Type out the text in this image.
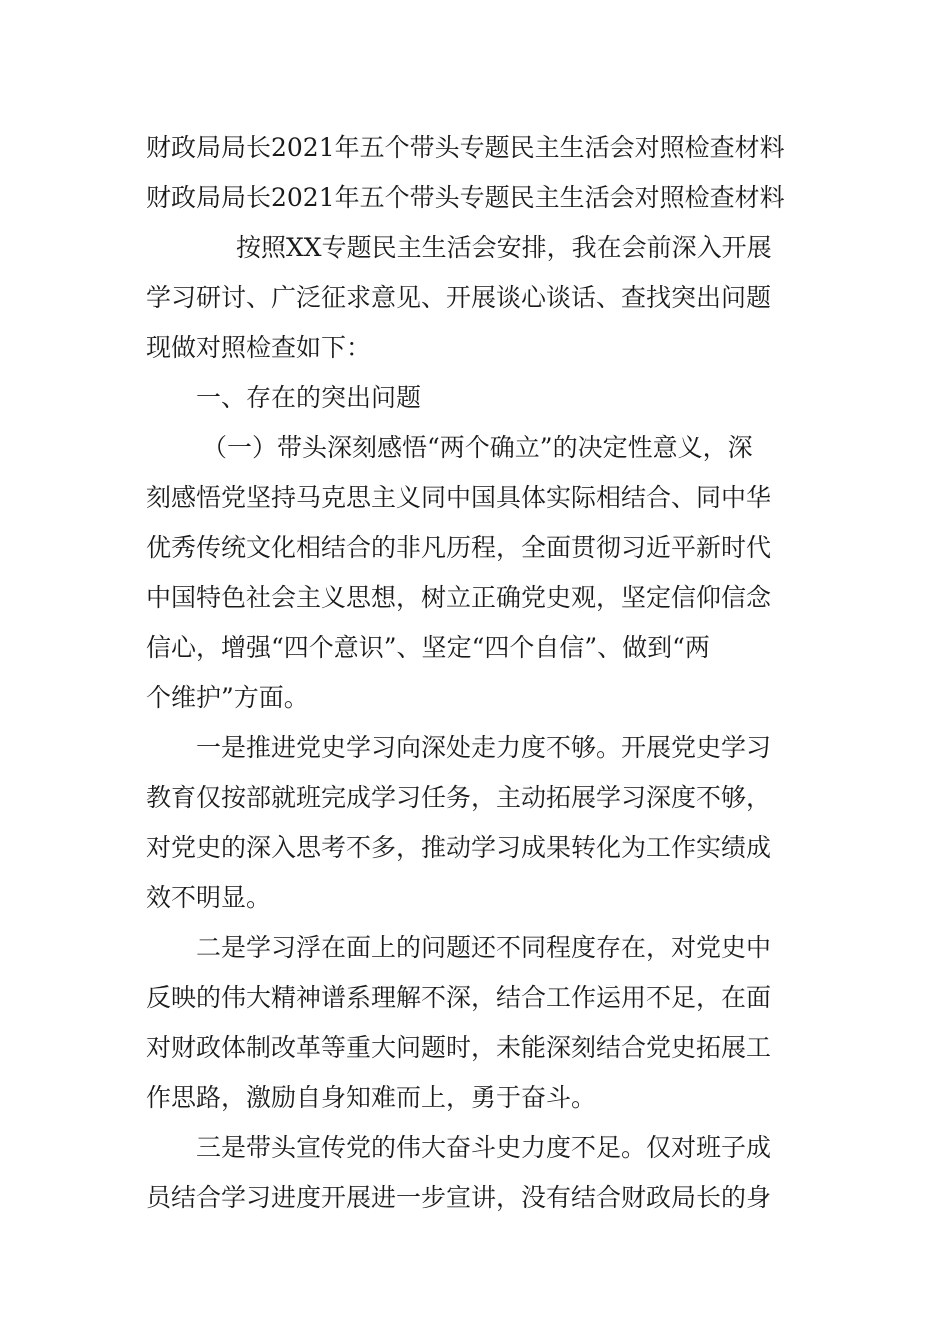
财政局局长2021年五个带头专题民主生活会对照检查材料
财政局局长2021年五个带头专题民主生活会对照检查材料
按照XX专题民主生活会安排，我在会前深入开展
学习研讨、广泛征求意见、开展谈心谈话、查找突出问题
现做对照检查如下：
一、存在的突出问题
（一）带头深刻感悟“两个确立”的决定性意义，深
刻感悟党坚持马克思主义同中国具体实际相结合、同中华
优秀传统文化相结合的非凡历程，全面贯彻习近平新时代
中国特色社会主义思想，树立正确党史观，坚定信仰信念
信心，增强“四个意识”、坚定“四个自信”、做到“两
个维护”方面。
一是推进党史学习向深处走力度不够。开展党史学习
教育仅按部就班完成学习任务，主动拓展学习深度不够，
对党史的深入思考不多，推动学习成果转化为工作实绩成
效不明显。
二是学习浮在面上的问题还不同程度存在，对党史中
反映的伟大精神谱系理解不深，结合工作运用不足，在面
对财政体制改革等重大问题时，未能深刻结合党史拓展工
作思路，激励自身知难而上，勇于奋斗。
三是带头宣传党的伟大奋斗史力度不足。仅对班子成
员结合学习进度开展进一步宣讲，没有结合财政局长的身
